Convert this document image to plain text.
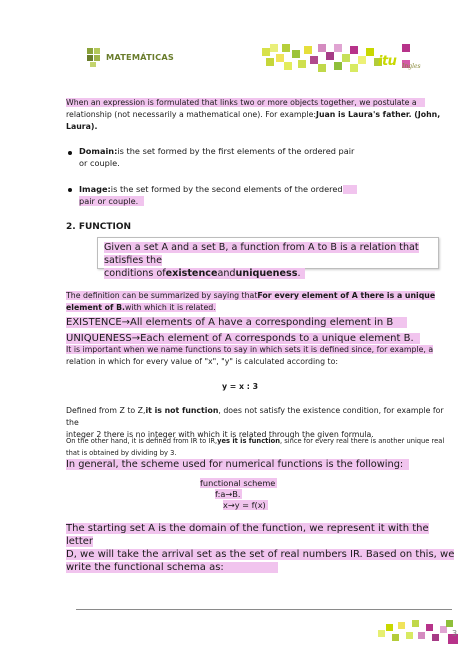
MATEMÁTICAS	itu Ingles
When an expression is formulated that links two or more objects together, we postulate a
relationship (not necessarily a mathematical one). For example:Juan is Laura's father. (John,
Laura).
Domain:is the set formed by the first elements of the ordered pair
or couple.
Image:is the set formed by the second elements of the ordered
pair or couple.
2. FUNCTION
Given a set A and a set B, a function from A to B is a relation that satisfies the
conditions ofexistenceanduniqueness.
The definition can be summarized by saying thatFor every element of A there is a unique
element of B.with which it is related.
EXISTENCE→All elements of A have a corresponding element in B
UNIQUENESS→Each element of A corresponds to a unique element B.
It is important when we name functions to say in which sets it is defined since, for example, a
relation in which for every value of "x", "y" is calculated according to:
y = x : 3
Defined from Z to Z,it is not function, does not satisfy the existence condition, for example for the
integer 2 there is no integer with which it is related through the given formula.
On the other hand, it is defined from IR to IR,yes it is function, since for every real there is another unique real
that is obtained by dividing by 3.
In general, the scheme used for numerical functions is the following:
functional scheme
f:a→B.
x→y = f(x)
The starting set A is the domain of the function, we represent it with the letter
D, we will take the arrival set as the set of real numbers IR. Based on this, we
write the functional schema as:
3
